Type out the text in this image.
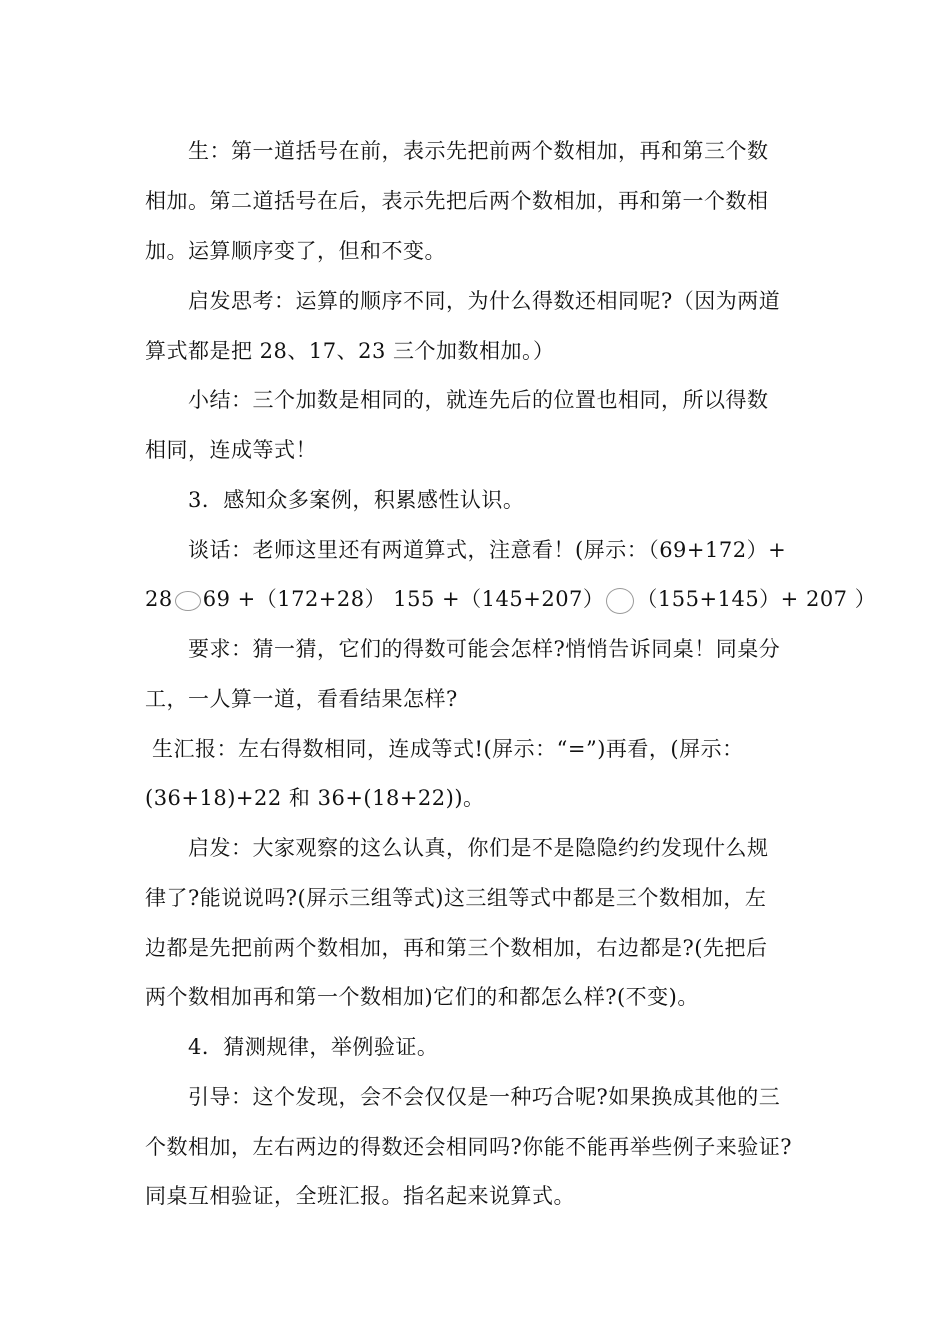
生：第一道括号在前，表示先把前两个数相加，再和第三个数
相加。第二道括号在后，表示先把后两个数相加，再和第一个数相
加。运算顺序变了，但和不变。
启发思考：运算的顺序不同，为什么得数还相同呢?（因为两道
算式都是把 28、17、23 三个加数相加。）
小结：三个加数是相同的，就连先后的位置也相同，所以得数
相同，连成等式！
3．感知众多案例，积累感性认识。
谈话：老师这里还有两道算式，注意看！(屏示：（69+172）+
28 69 +（172+28） 155 +（145+207） （155+145）+ 207 ）
要求：猜一猜，它们的得数可能会怎样?悄悄告诉同桌！同桌分
工，一人算一道，看看结果怎样?
生汇报：左右得数相同，连成等式!(屏示：“=”)再看，(屏示：
(36+18)+22 和 36+(18+22))。
启发：大家观察的这么认真，你们是不是隐隐约约发现什么规
律了?能说说吗?(屏示三组等式)这三组等式中都是三个数相加，左
边都是先把前两个数相加，再和第三个数相加，右边都是?(先把后
两个数相加再和第一个数相加)它们的和都怎么样?(不变)。
4．猜测规律，举例验证。
引导：这个发现，会不会仅仅是一种巧合呢?如果换成其他的三
个数相加，左右两边的得数还会相同吗?你能不能再举些例子来验证?
同桌互相验证，全班汇报。指名起来说算式。
